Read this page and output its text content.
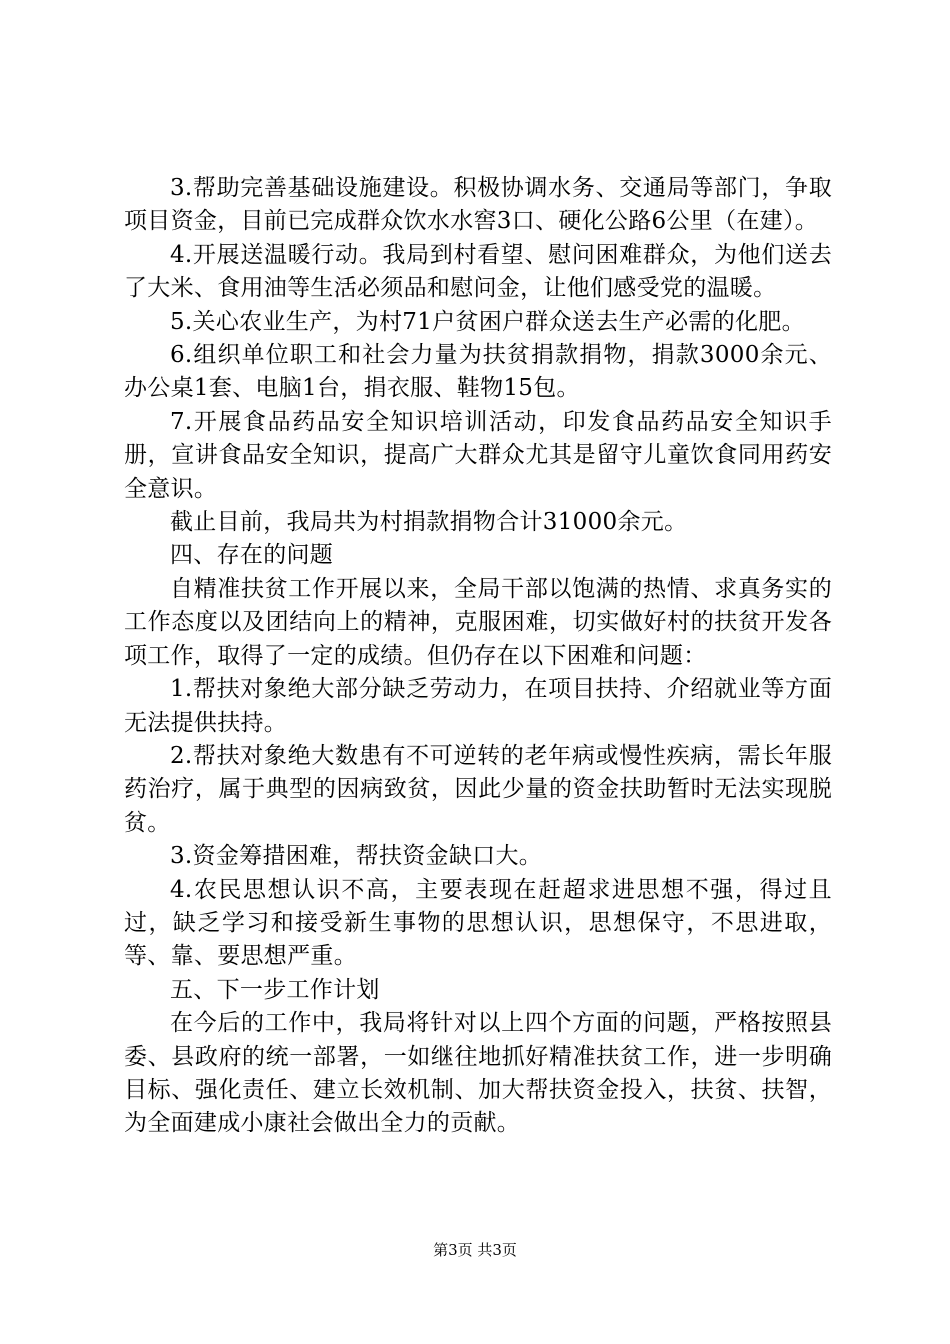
3.帮助完善基础设施建设。积极协调水务、交通局等部门，争取项目资金，目前已完成群众饮水水窖3口、硬化公路6公里（在建）。

4.开展送温暖行动。我局到村看望、慰问困难群众，为他们送去了大米、食用油等生活必须品和慰问金，让他们感受党的温暖。

5.关心农业生产，为村71户贫困户群众送去生产必需的化肥。

6.组织单位职工和社会力量为扶贫捐款捐物，捐款3000余元、办公桌1套、电脑1台，捐衣服、鞋物15包。

7.开展食品药品安全知识培训活动，印发食品药品安全知识手册，宣讲食品安全知识，提高广大群众尤其是留守儿童饮食同用药安全意识。

截止目前，我局共为村捐款捐物合计31000余元。

四、存在的问题

自精准扶贫工作开展以来，全局干部以饱满的热情、求真务实的工作态度以及团结向上的精神，克服困难，切实做好村的扶贫开发各项工作，取得了一定的成绩。但仍存在以下困难和问题：

1.帮扶对象绝大部分缺乏劳动力，在项目扶持、介绍就业等方面无法提供扶持。

2.帮扶对象绝大数患有不可逆转的老年病或慢性疾病，需长年服药治疗，属于典型的因病致贫，因此少量的资金扶助暂时无法实现脱贫。

3.资金筹措困难，帮扶资金缺口大。

4.农民思想认识不高，主要表现在赶超求进思想不强，得过且过，缺乏学习和接受新生事物的思想认识，思想保守，不思进取，等、靠、要思想严重。

五、下一步工作计划

在今后的工作中，我局将针对以上四个方面的问题，严格按照县委、县政府的统一部署，一如继往地抓好精准扶贫工作，进一步明确目标、强化责任、建立长效机制、加大帮扶资金投入，扶贫、扶智，为全面建成小康社会做出全力的贡献。

第3页 共3页
